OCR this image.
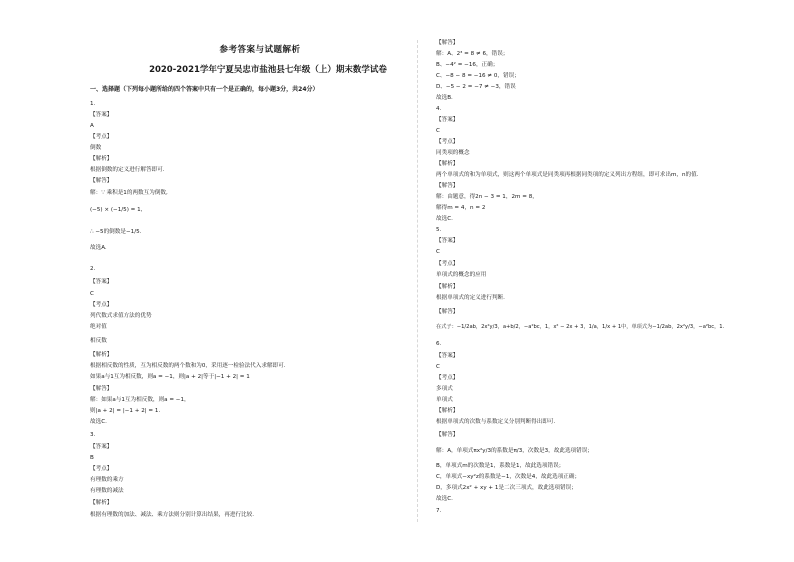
参考答案与试题解析
2020-2021学年宁夏吴忠市盐池县七年级（上）期末数学试卷
一、选择题（下列每小题所给的四个答案中只有一个是正确的，每小题3分，共24分）
1.
【答案】
A
【考点】
倒数
【解析】
根据倒数的定义进行解答即可.
【解答】
解：∵ 乘积是1的两数互为倒数,
(−5) × (−1/5) = 1,
∴ −5的倒数是−1/5.
故选A.
2.
【答案】
C
【考点】
列代数式求值方法的优势
绝对值
相反数
【解析】
根据相反数的性质，互为相反数的两个数和为0，采用逐一检验法代入求解即可.
如果a与1互为相反数，则a = −1，则|a + 2|等于|−1 + 2| = 1
【解答】
解：如果a与1互为相反数，则a = −1，
则|a + 2| = |−1 + 2| = 1.
故选C.
3.
【答案】
B
【考点】
有理数的乘方
有理数的减法
【解析】
根据有理数的加法、减法、乘方法则分别计算出结果，再进行比较.
【解答】
解：A、2³ = 8 ≠ 6，错误；
B、−4² = −16，正确；
C、−8 − 8 = −16 ≠ 0，错误；
D、−5 − 2 = −7 ≠ −3，错误
故选B.
4.
【答案】
C
【考点】
同类项的概念
【解析】
两个单项式的和为单项式，则这两个单项式是同类项再根据同类项的定义列出方程组，即可求出m，n的值.
【解答】
解：由题意，得2n − 3 = 1，2m = 8，
解得m = 4，n = 2
故选C.
5.
【答案】
C
【考点】
单项式的概念的应用
【解析】
根据单项式的定义进行判断.
【解答】
在式子：−1/2ab，2x²y/3，a+b/2，−a²bc，1，x² − 2x + 3，1/a，1/x + 1中，单项式为−1/2ab，2x²y/3，−a²bc，1.
6.
【答案】
C
【考点】
多项式
单项式
【解析】
根据单项式的次数与系数定义分别判断得出即可.
【解答】
解：A，单项式πx²y/3的系数是π/3，次数是3，故此选项错误；
B，单项式m的次数是1，系数是1，故此选项错误；
C，单项式−xy²z的系数是−1，次数是4，故此选项正确；
D，多项式2x² + xy + 1是二次三项式，故此选项错误；
故选C.
7.
